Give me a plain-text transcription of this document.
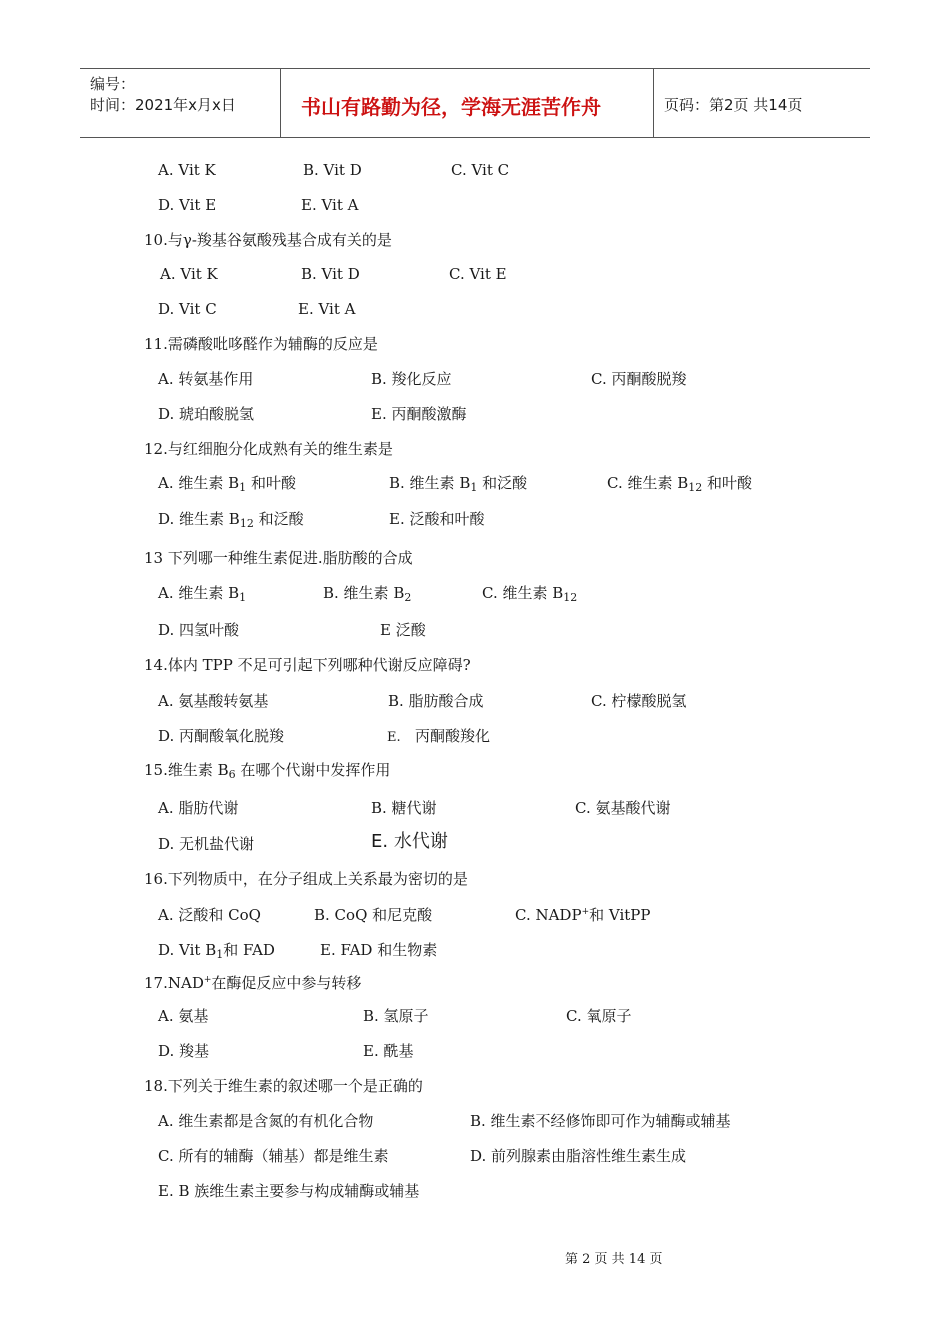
编号：
时间：2021年x月x日	书山有路勤为径，学海无涯苦作舟	页码：第2页 共14页
A. Vit K	B. Vit D	C. Vit C
D. Vit E	E. Vit A
10.与γ-羧基谷氨酸残基合成有关的是
A. Vit K	B. Vit D	C. Vit E
D. Vit C	E. Vit A
11.需磷酸吡哆醛作为辅酶的反应是
A. 转氨基作用	B. 羧化反应	C. 丙酮酸脱羧
D. 琥珀酸脱氢	E. 丙酮酸激酶
12.与红细胞分化成熟有关的维生素是
A. 维生素 $B_1$ 和叶酸	B. 维生素 $B_1$ 和泛酸	C. 维生素 $B_{12}$ 和叶酸
D. 维生素 $B_{12}$ 和泛酸	E. 泛酸和叶酸
13 下列哪一种维生素促进.脂肪酸的合成
A. 维生素 $B_1$	B. 维生素 $B_2$	C. 维生素 $B_{12}$
D. 四氢叶酸	E 泛酸
14.体内 TPP 不足可引起下列哪种代谢反应障碍?
A. 氨基酸转氨基	B. 脂肪酸合成	C. 柠檬酸脱氢
D. 丙酮酸氧化脱羧	E. 丙酮酸羧化
15.维生素 $B_6$ 在哪个代谢中发挥作用
A. 脂肪代谢	B. 糖代谢	C. 氨基酸代谢
D. 无机盐代谢	E. 水代谢
16.下列物质中，在分子组成上关系最为密切的是
A. 泛酸和 CoQ	B. CoQ 和尼克酸	C. NADP+和 VitPP
D. Vit $B_1$和 FAD	E. FAD 和生物素
17.NAD+在酶促反应中参与转移
A. 氨基	B. 氢原子	C. 氧原子
D. 羧基	E. 酰基
18.下列关于维生素的叙述哪一个是正确的
A. 维生素都是含氮的有机化合物	B. 维生素不经修饰即可作为辅酶或辅基
C. 所有的辅酶（辅基）都是维生素	D. 前列腺素由脂溶性维生素生成
E. B 族维生素主要参与构成辅酶或辅基
第 2 页 共 14 页
